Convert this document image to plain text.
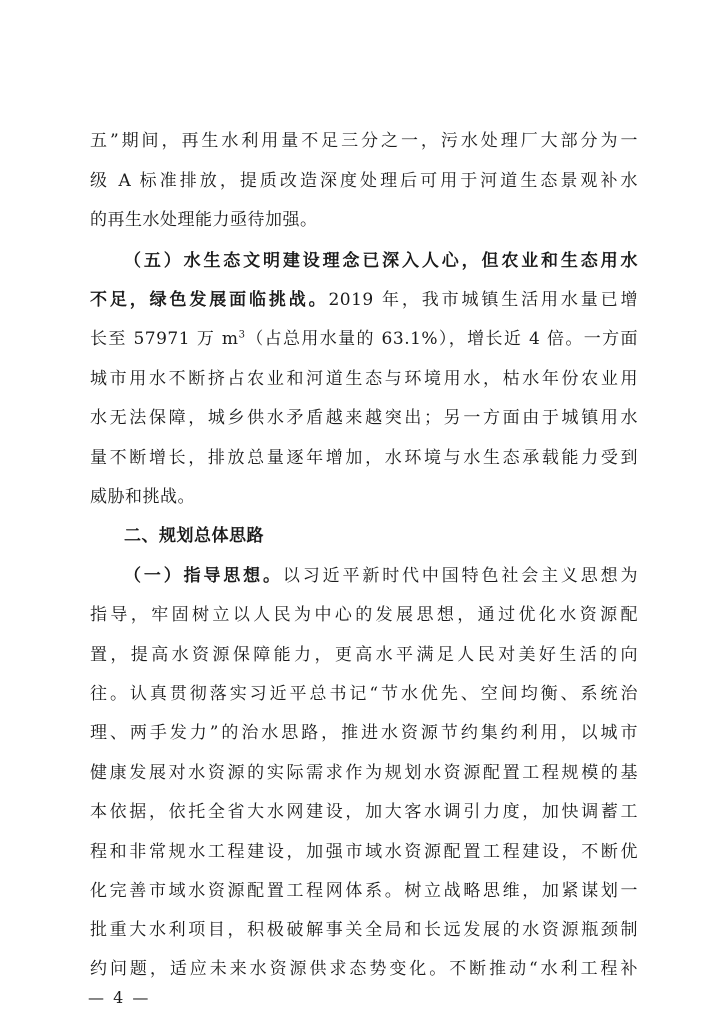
五”期间，再生水利用量不足三分之一，污水处理厂大部分为一
级 A 标准排放，提质改造深度处理后可用于河道生态景观补水
的再生水处理能力亟待加强。
（五）水生态文明建设理念已深入人心，但农业和生态用水
不足，绿色发展面临挑战。2019 年，我市城镇生活用水量已增
长至 57971 万 $m^3$（占总用水量的 63.1%），增长近 4 倍。一方面
城市用水不断挤占农业和河道生态与环境用水，枯水年份农业用
水无法保障，城乡供水矛盾越来越突出；另一方面由于城镇用水
量不断增长，排放总量逐年增加，水环境与水生态承载能力受到
威胁和挑战。
二、规划总体思路
（一）指导思想。以习近平新时代中国特色社会主义思想为
指导，牢固树立以人民为中心的发展思想，通过优化水资源配
置，提高水资源保障能力，更高水平满足人民对美好生活的向
往。认真贯彻落实习近平总书记“节水优先、空间均衡、系统治
理、两手发力”的治水思路，推进水资源节约集约利用，以城市
健康发展对水资源的实际需求作为规划水资源配置工程规模的基
本依据，依托全省大水网建设，加大客水调引力度，加快调蓄工
程和非常规水工程建设，加强市域水资源配置工程建设，不断优
化完善市域水资源配置工程网体系。树立战略思维，加紧谋划一
批重大水利项目，积极破解事关全局和长远发展的水资源瓶颈制
约问题，适应未来水资源供求态势变化。不断推动“水利工程补
— 4 —
